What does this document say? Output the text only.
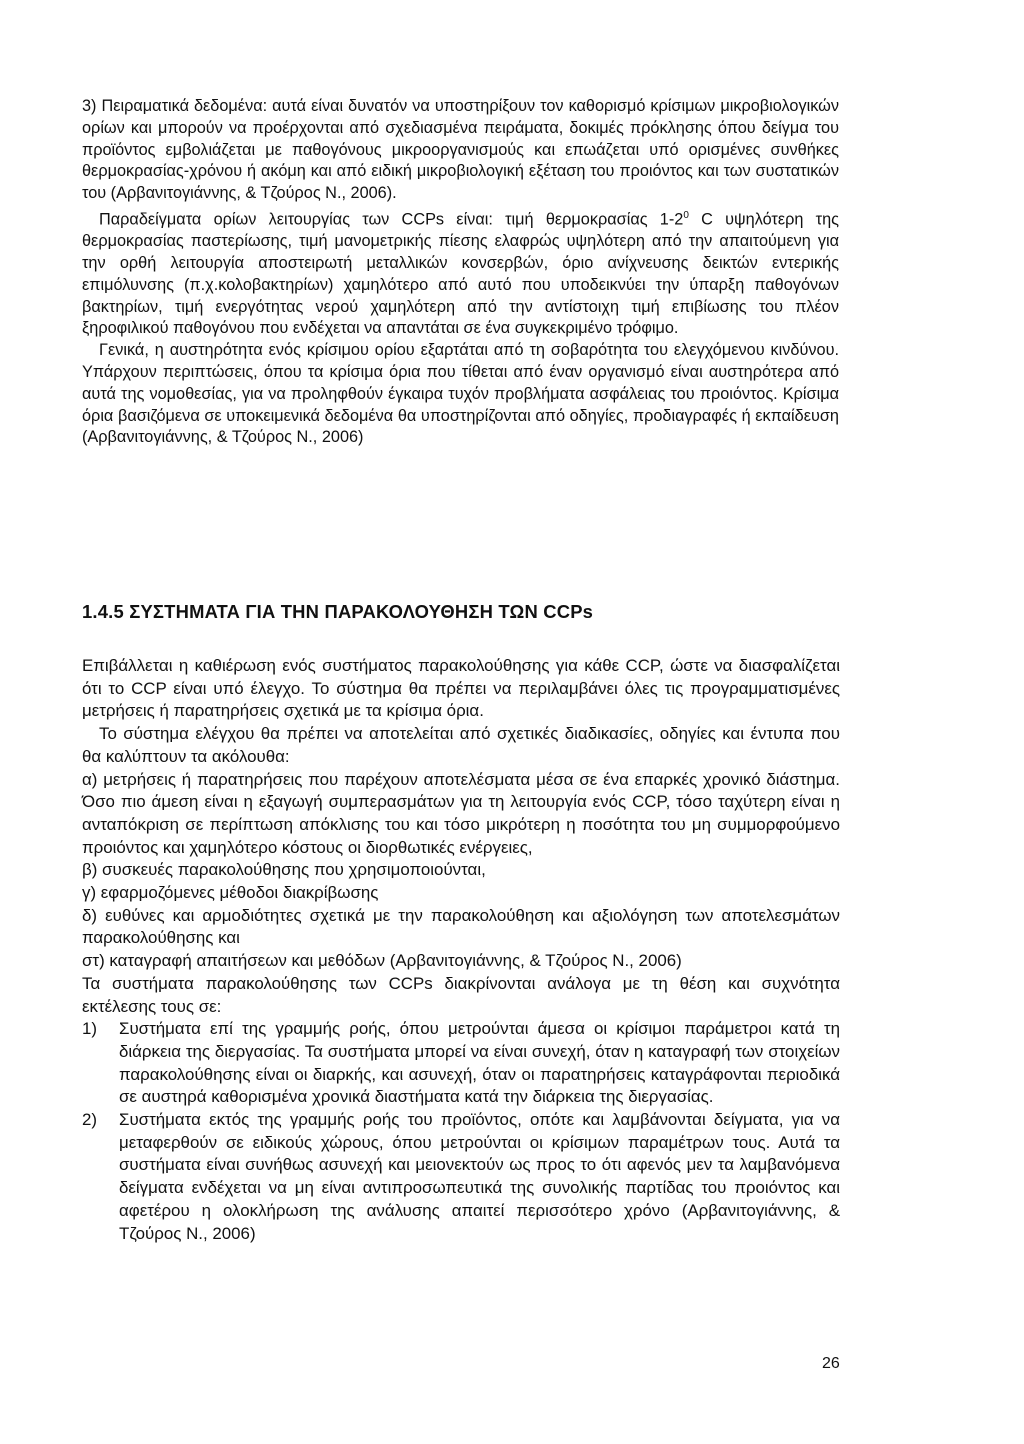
3) Πειραματικά δεδομένα: αυτά είναι δυνατόν να υποστηρίξουν τον καθορισμό κρίσιμων μικροβιολογικών ορίων και μπορούν να προέρχονται από σχεδιασμένα πειράματα, δοκιμές πρόκλησης όπου δείγμα του προϊόντος εμβολιάζεται με παθογόνους μικροοργανισμούς και επωάζεται υπό ορισμένες συνθήκες θερμοκρασίας-χρόνου ή ακόμη και από ειδική μικροβιολογική εξέταση του προιόντος και των συστατικών του (Αρβανιτογιάννης, & Τζούρος Ν., 2006).

Παραδείγματα ορίων λειτουργίας των CCPs είναι: τιμή θερμοκρασίας $1-2^0$ C υψηλότερη της θερμοκρασίας παστερίωσης, τιμή μανομετρικής πίεσης ελαφρώς υψηλότερη από την απαιτούμενη για την ορθή λειτουργία αποστειρωτή μεταλλικών κονσερβών, όριο ανίχνευσης δεικτών εντερικής επιμόλυνσης (π.χ.κολοβακτηρίων) χαμηλότερο από αυτό που υποδεικνύει την ύπαρξη παθογόνων βακτηρίων, τιμή ενεργότητας νερού χαμηλότερη από την αντίστοιχη τιμή επιβίωσης του πλέον ξηροφιλικού παθογόνου που ενδέχεται να απαντάται σε ένα συγκεκριμένο τρόφιμο.

Γενικά, η αυστηρότητα ενός κρίσιμου ορίου εξαρτάται από τη σοβαρότητα του ελεγχόμενου κινδύνου. Υπάρχουν περιπτώσεις, όπου τα κρίσιμα όρια που τίθεται από έναν οργανισμό είναι αυστηρότερα από αυτά της νομοθεσίας, για να προληφθούν έγκαιρα τυχόν προβλήματα ασφάλειας του προιόντος. Κρίσιμα όρια βασιζόμενα σε υποκειμενικά δεδομένα θα υποστηρίζονται από οδηγίες, προδιαγραφές ή εκπαίδευση (Αρβανιτογιάννης, & Τζούρος Ν., 2006)

1.4.5 ΣΥΣΤΗΜΑΤΑ ΓΙΑ ΤΗΝ ΠΑΡΑΚΟΛΟΥΘΗΣΗ ΤΩΝ CCPs

Επιβάλλεται η καθιέρωση ενός συστήματος παρακολούθησης για κάθε CCP, ώστε να διασφαλίζεται ότι το CCP είναι υπό έλεγχο. Το σύστημα θα πρέπει να περιλαμβάνει όλες τις προγραμματισμένες μετρήσεις ή παρατηρήσεις σχετικά με τα κρίσιμα όρια.

Το σύστημα ελέγχου θα πρέπει να αποτελείται από σχετικές διαδικασίες, οδηγίες και έντυπα που θα καλύπτουν τα ακόλουθα:

α) μετρήσεις ή παρατηρήσεις που παρέχουν αποτελέσματα μέσα σε ένα επαρκές χρονικό διάστημα. Όσο πιο άμεση είναι η εξαγωγή συμπερασμάτων για τη λειτουργία ενός CCP, τόσο ταχύτερη είναι η ανταπόκριση σε περίπτωση απόκλισης του και τόσο μικρότερη η ποσότητα του μη συμμορφούμενο προιόντος και χαμηλότερο κόστους οι διορθωτικές ενέργειες,

β) συσκευές παρακολούθησης που χρησιμοποιούνται,

γ) εφαρμοζόμενες μέθοδοι διακρίβωσης

δ) ευθύνες και αρμοδιότητες σχετικά με την παρακολούθηση και αξιολόγηση των αποτελεσμάτων παρακολούθησης και

στ) καταγραφή απαιτήσεων και μεθόδων (Αρβανιτογιάννης, & Τζούρος Ν., 2006)

Τα συστήματα παρακολούθησης των CCPs διακρίνονται ανάλογα με τη θέση και συχνότητα εκτέλεσης τους σε:

1) Συστήματα επί της γραμμής ροής, όπου μετρούνται άμεσα οι κρίσιμοι παράμετροι κατά τη διάρκεια της διεργασίας. Τα συστήματα μπορεί να είναι συνεχή, όταν η καταγραφή των στοιχείων παρακολούθησης είναι οι διαρκής, και ασυνεχή, όταν οι παρατηρήσεις καταγράφονται περιοδικά σε αυστηρά καθορισμένα χρονικά διαστήματα κατά την διάρκεια της διεργασίας.

2) Συστήματα εκτός της γραμμής ροής του προϊόντος, οπότε και λαμβάνονται δείγματα, για να μεταφερθούν σε ειδικούς χώρους, όπου μετρούνται οι κρίσιμων παραμέτρων τους. Αυτά τα συστήματα είναι συνήθως ασυνεχή και μειονεκτούν ως προς το ότι αφενός μεν τα λαμβανόμενα δείγματα ενδέχεται να μη είναι αντιπροσωπευτικά της συνολικής παρτίδας του προιόντος και αφετέρου η ολοκλήρωση της ανάλυσης απαιτεί περισσότερο χρόνο (Αρβανιτογιάννης, & Τζούρος Ν., 2006)

26
